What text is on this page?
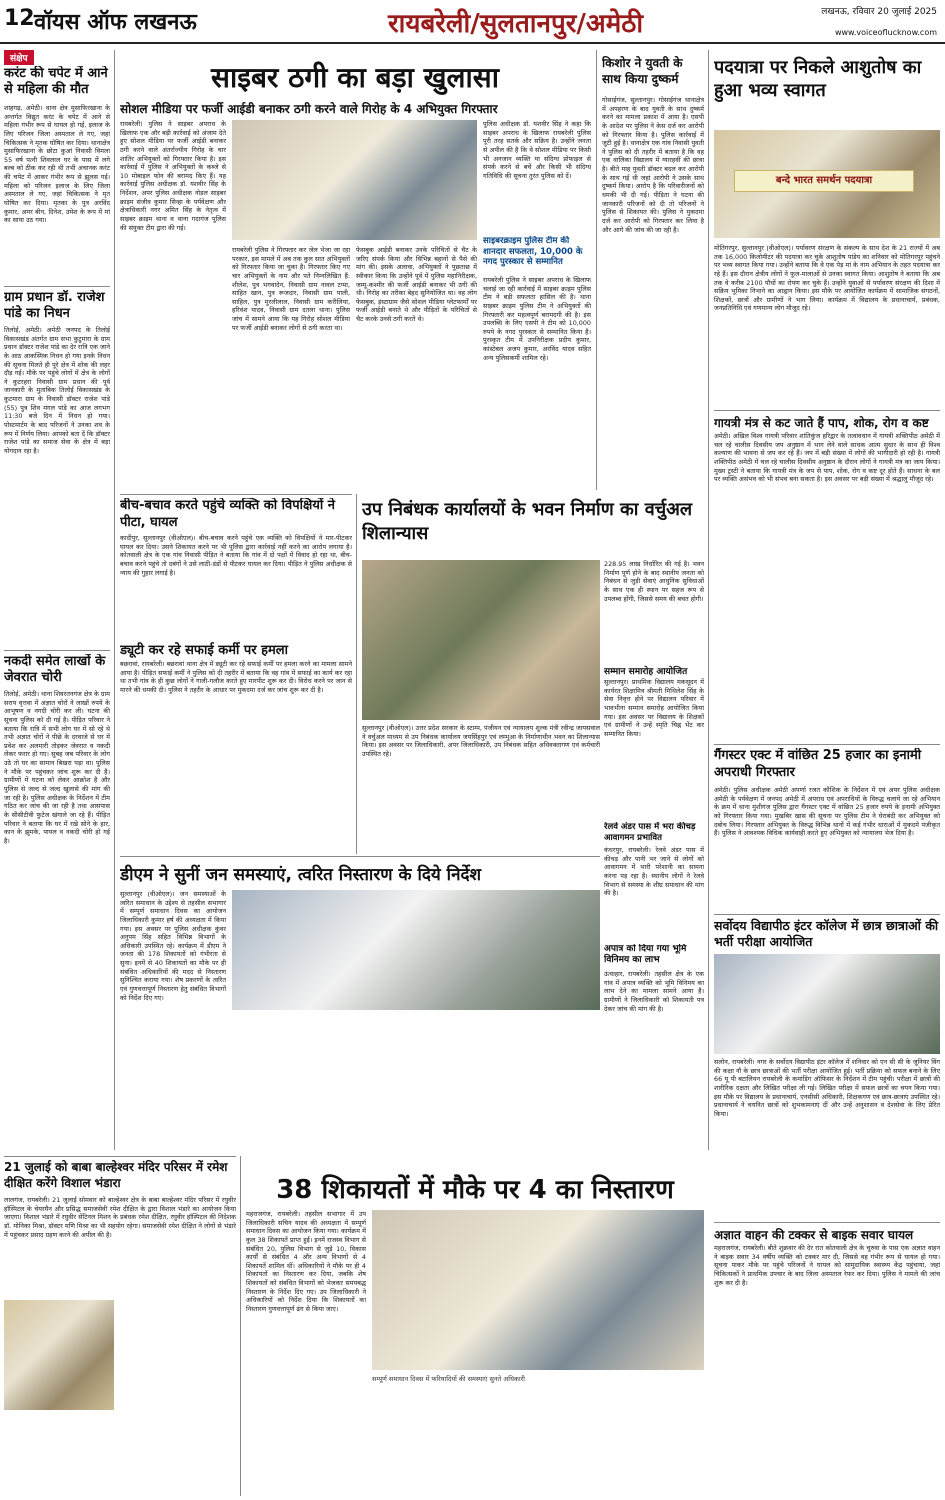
12 वॉयस ऑफ लखनऊ	रायबरेली/सुलतानपुर/अमेठी	लखनऊ, रविवार 20 जुलाई 2025
www.voiceoflucknow.com
संक्षेप
करंट की चपेट में आने से महिला की मौत
शाहगढ़, अमेठी। थाना क्षेत्र मुसाफिरखाना के अन्तर्गत विद्युत करंट के चपेट में आने से महिला गंभीर रूप से घायल हो गई, इलाज के लिए परिजन जिला अस्पताल ले गए, जहां चिकित्सक ने मृतक घोषित कर दिया। थानाक्षेत्र मुसाफिरखाना के छोटा कुआं निवासी विमला 55 वर्ष पत्नी शिवलाल घर के पास में लगे बल्ब को ठीक कर रही थी तभी अचानक करंट की चपेट में आकर गंभीर रूप से झुलस गई। महिला को परिजन इलाज के लिए जिला अस्पताल ले गए, जहां चिकित्सक ने मृत घोषित कर दिया। मृतका के पुत्र अरविंद कुमार, अमर बीन, दिनेश, उमेश के रूप में मां का साया उठ गया।
ग्राम प्रधान डॉ. राजेश पांडे का निधन
तिलोई, अमेठी। अमेठी जनपद के तिलोई विकासखंड अंतर्गत ग्राम सभा कुटुमारा के ग्राम प्रधान डॉक्टर राजेश पांडे का देर रात्रि एक जाने के आठ आकस्मिक निधन हो गया इनके निधन की सूचना मिलते ही पूरे क्षेत्र में शोक की लहर दौड़ गई। मौके पर पहुंचे लोगों में क्षेत्र के लोगों ने कुटरहरा निवासी ग्राम प्रधान की पूर्व जानकारी के मुताबिक तिलोई विकासखंड के कुटमारा ग्राम के निवासी डॉक्टर राजेश पांडे (55) पुत्र शिव मंगल पांडे का आज लगभग 11:30 बजे दिन में निधन हो गया। पोस्टमार्टम के बाद परिजनों ने उनका शव के रूप में निर्णय लिया। आपको बता दें कि डॉक्टर राजेश पांडे का समाज सेवा के क्षेत्र में बड़ा योगदान रहा है।
नकदी समेत लाखों के जेवरात चोरी
तिलोई, अमेठी। थाना शिवरतनगंज क्षेत्र के ग्राम सराय वृत्तवा में अज्ञात चोरों ने लाखों रुपये के आभूषण व नगदी चोरी कर ली। घटना की सूचना पुलिस को दी गई है। पीड़ित परिवार ने बताया कि रात्रि में सभी लोग घर में सो रहे थे तभी अज्ञात चोरों ने पीछे के दरवाजे से घर में प्रवेश कर अलमारी तोड़कर जेवरात व नकदी लेकर फरार हो गए। सुबह जब परिवार के लोग उठे तो घर का सामान बिखरा पड़ा था। पुलिस ने मौके पर पहुंचकर जांच शुरू कर दी है। ग्रामीणों में घटना को लेकर आक्रोश है और पुलिस से जल्द से जल्द खुलासे की मांग की जा रही है। पुलिस अधीक्षक के निर्देशन में टीम गठित कर जांच की जा रही है तथा आसपास के सीसीटीवी फुटेज खंगाले जा रहे हैं। पीड़ित परिवार ने बताया कि घर में रखे सोने के हार, कान के झुमके, पायल व नकदी चोरी हो गई है।
साइबर ठगी का बड़ा खुलासा
सोशल मीडिया पर फर्जी आईडी बनाकर ठगी करने वाले गिरोह के 4 अभियुक्त गिरफ्तार
रायबरेली। पुलिस ने साइबर अपराध के खिलाफ एक और बड़ी कार्रवाई को अंजाम देते हुए सोशल मीडिया पर फर्जी आईडी बनाकर ठगी करने वाले अंतर्राज्यीय गिरोह के चार शातिर अभियुक्तों को गिरफ्तार किया है। इस कार्रवाई में पुलिस ने अभियुक्तों के कब्जे से 10 मोबाइल फोन की बरामद किए हैं। यह कार्रवाई पुलिस अधीक्षक डॉ. यशवीर सिंह के निर्देशन, अपर पुलिस अधीक्षक नोडल साइबर क्राइम संजीव कुमार सिन्हा के पर्यवेक्षण और क्षेत्राधिकारी नगर अमित सिंह के नेतृत्व में साइबर क्राइम थाना व थाना गदागंज पुलिस की संयुक्त टीम द्वारा की गई।
रायबरेली पुलिस ने गिरफ्तार कर जेल भेजा जा रहा परकार, इस मामले में अब तक कुल सात अभियुक्तों को गिरफ्तार किया जा चुका है। गिरफ्तार किए गए चार अभियुक्तों के नाम और पते निम्नलिखित हैं: शीलेश, पुत्र भगवादेन, निवासी ग्राम नावल टप्पा, साहित खान, पुत्र रूजदार, निवासी ग्राम पाली, साहिल, पुत्र मुरलीलाल, निवासी ग्राम करीलिया, हरिवंश यादव, निवासी ग्राम दतला थाना। पुलिस जांच में सामने आया कि यह गिरोह सोशल मीडिया पर फर्जी आईडी बनाकर लोगों से ठगी करता था।
फेसबुक आईडी बनाकर उनके परिचितों से चैट के जरिए संपर्क किया और विभिन्न बहानों से पैसे की मांग की। इसके अलावा, अभियुक्तों ने पूछताछ में स्वीकार किया कि उन्होंने पूर्व में पुलिस महानिरीक्षक, जम्मू-कश्मीर की फर्जी आईडी बनाकर भी ठगी की थी। गिरोह का तरीका बेहद सुनियोजित था। वह लोग फेसबुक, इंस्टाग्राम जैसे सोशल मीडिया प्लेटफार्मों पर फर्जी आईडी बनाते थे और पीड़ितों के परिचितों से चैट करके उनसे ठगी करते थे।
पुलिस अधीक्षक डॉ. यशवीर सिंह ने कहा कि साइबर अपराध के खिलाफ रायबरेली पुलिस पूरी तरह सतर्क और सक्रिय है। उन्होंने जनता से अपील की है कि वे सोशल मीडिया पर किसी भी अनजान व्यक्ति या संदिग्ध प्रोफाइल से संपर्क करने से बचें और किसी भी संदिग्ध गतिविधि की सूचना तुरंत पुलिस को दें।
साइबरक्राइम पुलिस टीम की शानदार सफलता, 10,000 के नगद पुरस्कार से सम्मानित
रायबरेली पुलिस ने साइबर अपराध के खिलाफ चलाई जा रही कार्रवाई में साइबर क्राइम पुलिस टीम ने बड़ी सफलता हासिल की है। थाना साइबर क्राइम पुलिस टीम ने अभियुक्तों की गिरफ्तारी कर महत्वपूर्ण बरामदगी की है। इस उपलब्धि के लिए एसपी ने टीम को 10,000 रुपये के नगद पुरस्कार से सम्मानित किया है। पुरस्कृत टीम में उपनिरीक्षक प्रदीप कुमार, कांस्टेबल अजय कुमार, अरविंद यादव सहित अन्य पुलिसकर्मी शामिल रहे।
किशोर ने युवती के साथ किया दुष्कर्म
गोसाईगंज, सुल्तानपुर। गोसाईगंज थानाक्षेत्र में अपहरण के बाद युवती के साथ दुष्कर्म करने का मामला प्रकाश में आया है। एसपी के आदेश पर पुलिस ने केस दर्ज कर आरोपी को गिरफ्तार किया है। पुलिस कार्रवाई में जुटी हुई है। थानाक्षेत्र एक गांव निवासी युवती ने पुलिस को दी तहरीर में बताया है कि वह एक वालिका विद्यालय में ग्यारहवीं की छात्रा है। बीते माह युवती डॉक्टर बदल कर आरोपी के साथ गई थी जहां आरोपी ने उसके साथ दुष्कर्म किया। आरोप है कि परिवारीजनों को धमकी भी दी गई। पीड़िता ने घटना की जानकारी परिजनों को दी तो परिजनों ने पुलिस से शिकायत की। पुलिस ने मुकदमा दर्ज कर आरोपी को गिरफ्तार कर लिया है और आगे की जांच की जा रही है।
पदयात्रा पर निकले आशुतोष का हुआ भव्य स्वागत
बन्दे भारत समर्थन पदयात्रा
मोतिगरपुर, सुल्तानपुर (वीओएल)। पर्यावरण संरक्षण के संकल्प के साथ देश के 21 राज्यों में अब तक 16,000 किलोमीटर की पदयात्रा कर चुके आशुतोष पांडेय का शनिवार को मोतिगरपुर पहुंचने पर भव्य स्वागत किया गया। उन्होंने बताया कि वे एक पेड़ मां के नाम अभियान के तहत पदयात्रा कर रहे हैं। इस दौरान क्षेत्रीय लोगों ने फूल-मालाओं से उनका स्वागत किया। आशुतोष ने बताया कि अब तक वे करीब 2100 पौधों का रोपण कर चुके हैं। उन्होंने युवाओं से पर्यावरण संरक्षण की दिशा में सक्रिय भूमिका निभाने का आह्वान किया। इस मौके पर आयोजित कार्यक्रम में सामाजिक संगठनों, शिक्षकों, छात्रों और ग्रामीणों ने भाग लिया। कार्यक्रम में विद्यालय के प्रधानाचार्य, प्रबंधक, जनप्रतिनिधि एवं गणमान्य लोग मौजूद रहे।
गायत्री मंत्र से कट जाते हैं पाप, शोक, रोग व कष्ट
अमेठी। अखिल विश्व गायत्री परिवार शांतिकुंज हरिद्वार के तत्वावधान में गायत्री शक्तिपीठ अमेठी में चल रहे चालीस दिवसीय जप अनुष्ठान में भाग लेने वाले साधक आत्म सुधार के साथ ही विश्व कल्याण की भावना से जप कर रहे हैं। जप में बड़ी संख्या में लोगों की भागीदारी हो रही है। गायत्री शक्तिपीठ अमेठी में चल रहे चालीस दिवसीय अनुष्ठान के दौरान लोगों ने गायत्री मंत्र का जाप किया। मुख्य ट्रस्टी ने बताया कि गायत्री मंत्र के जप से पाप, शोक, रोग व कष्ट दूर होते हैं। साधना के बल पर व्यक्ति असंभव को भी संभव बना सकता है। इस अवसर पर बड़ी संख्या में श्रद्धालु मौजूद रहे।
गैंगस्टर एक्ट में वांछित 25 हजार का इनामी अपराधी गिरफ्तार
अमेठी। पुलिस अधीक्षक अमेठी अपर्णा रजत कौशिक के निर्देशन में एवं अपर पुलिस अधीक्षक अमेठी के पर्यवेक्षण में जनपद अमेठी में अपराध एवं अपराधियों के विरुद्ध चलाये जा रहे अभियान के क्रम में थाना मुंशीगंज पुलिस द्वारा गैंगस्टर एक्ट में वांछित 25 हजार रुपये के इनामी अभियुक्त को गिरफ्तार किया गया। मुखबिर खास की सूचना पर पुलिस टीम ने घेराबंदी कर अभियुक्त को दबोच लिया। गिरफ्तार अभियुक्त के विरुद्ध विभिन्न थानों में कई गंभीर धाराओं में मुकदमे पंजीकृत हैं। पुलिस ने आवश्यक विधिक कार्यवाही करते हुए अभियुक्त को न्यायालय भेज दिया है।
सर्वोदय विद्यापीठ इंटर कॉलेज में छात्र छात्राओं की भर्ती परीक्षा आयोजित
सलोन, रायबरेली। नगर के सर्वोदय विद्यापीठ इंटर कॉलेज में शनिवार को एन सी सी के जूनियर विंग की कक्षा नौ के छात्र छात्राओं की भर्ती परीक्षा आयोजित हुई। भर्ती प्रक्रिया को सफल बनाने के लिए 66 यू पी बटालियन रायबरेली के कमांडिंग ऑफिसर के निर्देशन में टीम पहुंची। परीक्षा में छात्रों की शारीरिक दक्षता और लिखित परीक्षा ली गई। लिखित परीक्षा में सफल छात्रों का चयन किया गया। इस मौके पर विद्यालय के प्रधानाचार्य, एनसीसी अधिकारी, शिक्षकगण एवं छात्र-छात्राएं उपस्थित रहे। प्रधानाचार्य ने चयनित छात्रों को शुभकामनाएं दीं और उन्हें अनुशासन व देशसेवा के लिए प्रेरित किया।
अज्ञात वाहन की टक्कर से बाइक सवार घायल
महराजगंज, रायबरेली। बीते शुक्रवार की देर रात कोतवाली क्षेत्र के चुरुवा के पास एक अज्ञात वाहन ने बाइक सवार 34 वर्षीय व्यक्ति को टक्कर मार दी, जिससे वह गंभीर रूप से घायल हो गया। सूचना पाकर मौके पर पहुंचे परिजनों ने घायल को सामुदायिक स्वास्थ्य केंद्र पहुंचाया, जहां चिकित्सकों ने प्राथमिक उपचार के बाद जिला अस्पताल रेफर कर दिया। पुलिस ने मामले की जांच शुरू कर दी है।
बीच-बचाव करते पहुंचे व्यक्ति को विपक्षियों ने पीटा, घायल
कादीपुर, सुल्तानपुर (वीओएल)। बीच-बचाव करने पहुंचे एक व्यक्ति को विपक्षियों ने मार-पीटकर घायल कर दिया। उसने शिकायत करने पर भी पुलिस द्वारा कार्रवाई नहीं करने का आरोप लगाया है। कोतवाली क्षेत्र के एक गांव निवासी पीड़ित ने बताया कि गांव में दो पक्षों में विवाद हो रहा था, बीच-बचाव करने पहुंचे तो दबंगों ने उसे लाठी-डंडों से पीटकर घायल कर दिया। पीड़ित ने पुलिस अधीक्षक से न्याय की गुहार लगाई है।
ड्यूटी कर रहे सफाई कर्मी पर हमला
बछरावां, रायबरेली। बछरावां थाना क्षेत्र में ड्यूटी कर रहे सफाई कर्मी पर हमला करने का मामला सामने आया है। पीड़ित सफाई कर्मी ने पुलिस को दी तहरीर में बताया कि वह गांव में सफाई का कार्य कर रहा था तभी गांव के ही कुछ लोगों ने गाली-गलौज करते हुए मारपीट शुरू कर दी। विरोध करने पर जान से मारने की धमकी दी। पुलिस ने तहरीर के आधार पर मुकदमा दर्ज कर जांच शुरू कर दी है।
उप निबंधक कार्यालयों के भवन निर्माण का वर्चुअल शिलान्यास
228.95 लाख निर्धारित की गई है। भवन निर्माण पूर्ण होने के बाद स्थानीय जनता को निबंधन से जुड़ी सेवाएं आधुनिक सुविधाओं के साथ एक ही स्थान पर सहज रूप से उपलब्ध होंगी, जिससे समय की बचत होगी।
सम्मान समारोह आयोजित
सुल्तानपुर। प्राथमिक विद्यालय मकसूदन में कार्यरत शिक्षामित्र श्रीमती मिथिलेश सिंह के सेवा निवृत्त होने पर विद्यालय परिवार में भावभीना सम्मान समारोह आयोजित किया गया। इस अवसर पर विद्यालय के शिक्षकों एवं ग्रामीणों ने उन्हें स्मृति चिह्न भेंट कर सम्मानित किया।
सुल्तानपुर (वीओएल)। उत्तर प्रदेश सरकार के स्टाम्प, पंजीयन एवं न्यायालय शुल्क मंत्री रवीन्द्र जायसवाल ने वर्चुअल माध्यम से उप निबंधक कार्यालय जयसिंहपुर एवं लम्भुआ के निर्माणाधीन भवन का शिलान्यास किया। इस अवसर पर जिलाधिकारी, अपर जिलाधिकारी, उप निबंधक सहित अधिवक्तागण एवं कर्मचारी उपस्थित रहे।
रेलवे अंडर पास में भरा कीचड़ आवागमन प्रभावित
कंधरपुर, रायबरेली। रेलवे अंडर पास में कीचड़ और पानी भर जाने से लोगों को आवागमन में भारी परेशानी का सामना करना पड़ रहा है। स्थानीय लोगों ने रेलवे विभाग से समस्या के शीघ्र समाधान की मांग की है।
डीएम ने सुनीं जन समस्याएं, त्वरित निस्तारण के दिये निर्देश
सुल्तानपुर (वीओएल)। जन समस्याओं के त्वरित समाधान के उद्देश्य से तहसील सभागार में सम्पूर्ण समाधान दिवस का आयोजन जिलाधिकारी कुमार हर्ष की अध्यक्षता में किया गया। इस अवसर पर पुलिस अधीक्षक कुंवर अनुपम सिंह सहित विभिन्न विभागों के अधिकारी उपस्थित रहे। कार्यक्रम में डीएम ने जनता की 178 शिकायतों को गंभीरता से सुना। इनमें से 40 शिकायतों का मौके पर ही संबंधित अधिकारियों की मदद से निस्तारण सुनिश्चित कराया गया। शेष प्रकरणों के त्वरित एवं गुणवत्तापूर्ण निस्तारण हेतु संबंधित विभागों को निर्देश दिए गए।
अपात्र को दिया गया भूमि विनिमय का लाभ
ऊंचाहार, रायबरेली। तहसील क्षेत्र के एक गांव में अपात्र व्यक्ति को भूमि विनिमय का लाभ देने का मामला सामने आया है। ग्रामीणों ने जिलाधिकारी को शिकायती पत्र देकर जांच की मांग की है।
21 जुलाई को बाबा बाल्हेश्वर मंदिर परिसर में रमेश दीक्षित करेंगे विशाल भंडारा
लालगंज, रायबरेली। 21 जुलाई सोमवार को बाल्हेश्वर क्षेत्र के बाबा बाल्हेश्वर मंदिर परिसर में रघुवीर हॉस्पिटल के चेयरमैन और प्रसिद्ध समाजसेवी रमेश दीक्षित के द्वारा विशाल भंडारे का आयोजन किया जाएगा। विशाल भंडारे में रघुवीर सेंटिनल मिशन के प्रबंधक रमेश दीक्षित, रघुवीर हॉस्पिटल की निदेशक डॉ. मोनिका मिश्रा, डॉक्टर मणि मिश्रा का भी सहयोग रहेगा। समाजसेवी रमेश दीक्षित ने लोगों से भंडारे में पहुंचकर प्रसाद ग्रहण करने की अपील की है।
38 शिकायतों में मौके पर 4 का निस्तारण
महराजगंज, रायबरेली। तहसील सभागार में उप जिलाधिकारी सचिन यादव की अध्यक्षता में सम्पूर्ण समाधान दिवस का आयोजन किया गया। कार्यक्रम में कुल 38 शिकायतें प्राप्त हुईं। इनमें राजस्व विभाग से संबंधित 20, पुलिस विभाग से जुड़े 10, विकास कार्यों से संबंधित 4 और अन्य विभागों से 4 शिकायतें शामिल थीं। अधिकारियों ने मौके पर ही 4 शिकायतों का निस्तारण कर दिया, जबकि शेष शिकायतों को संबंधित विभागों को भेजकर समयबद्ध निस्तारण के निर्देश दिए गए। उप जिलाधिकारी ने अधिकारियों को निर्देश दिया कि शिकायतों का निस्तारण गुणवत्तापूर्ण ढंग से किया जाए।
सम्पूर्ण समाधान दिवस में फरियादियों की समस्याएं सुनते अधिकारी
